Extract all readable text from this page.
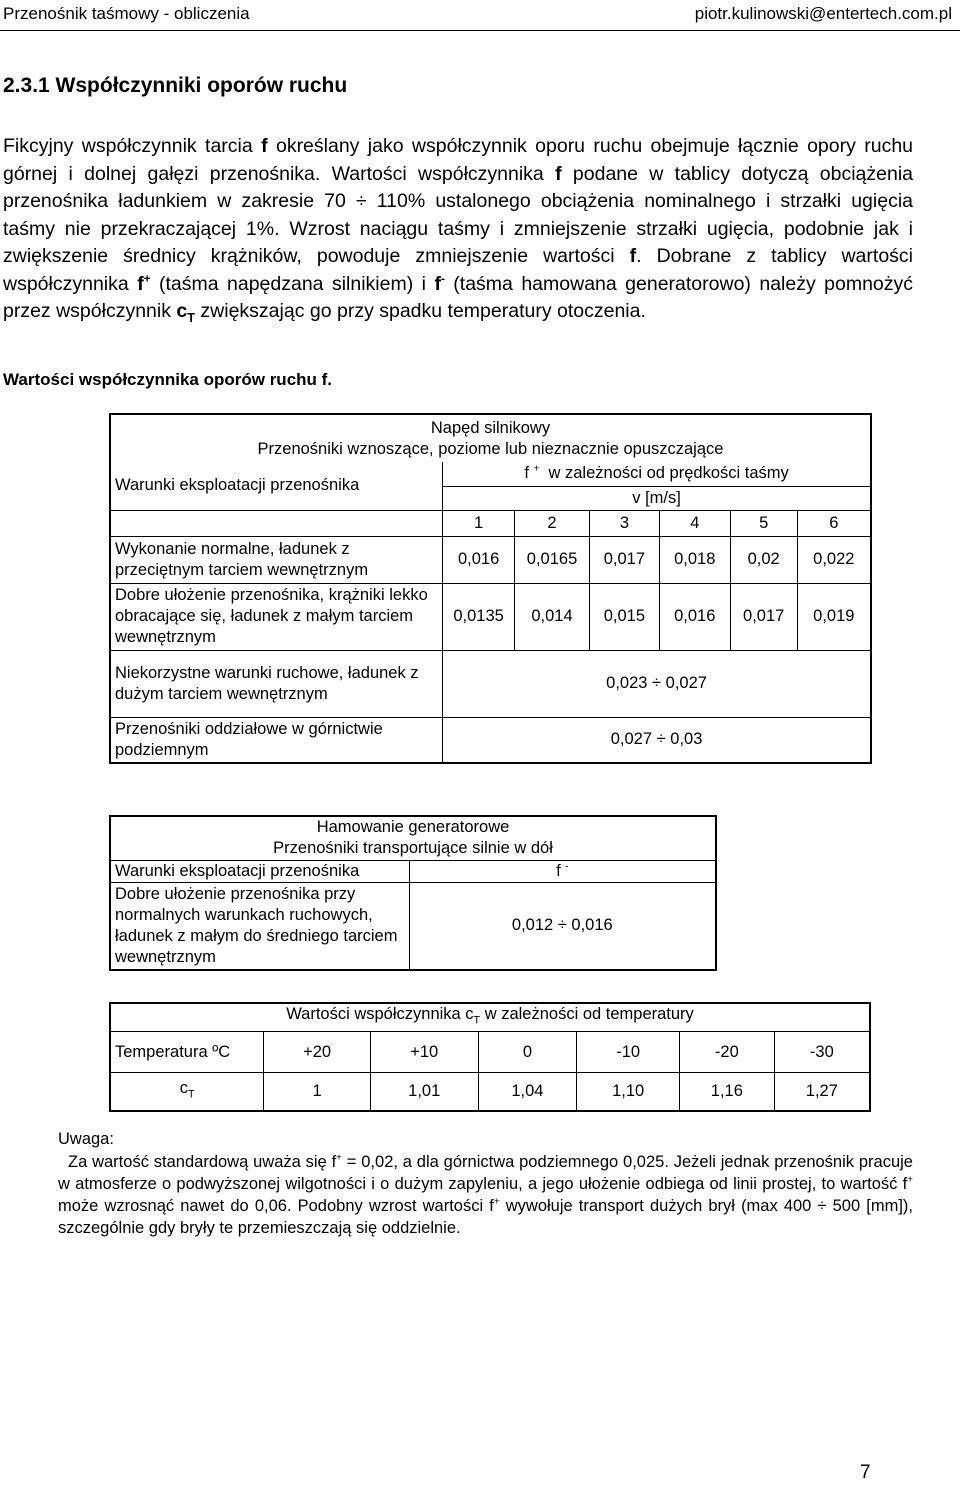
Przenośnik taśmowy - obliczenia	piotr.kulinowski@entertech.com.pl
2.3.1 Współczynniki oporów ruchu

Fikcyjny współczynnik tarcia f określany jako współczynnik oporu ruchu obejmuje łącznie opory ruchu górnej i dolnej gałęzi przenośnika. Wartości współczynnika f podane w tablicy dotyczą obciążenia przenośnika ładunkiem w zakresie 70 ÷ 110% ustalonego obciążenia nominalnego i strzałki ugięcia taśmy nie przekraczającej 1%. Wzrost naciągu taśmy i zmniejszenie strzałki ugięcia, podobnie jak i zwiększenie średnicy krążników, powoduje zmniejszenie wartości f. Dobrane z tablicy wartości współczynnika f+ (taśma napędzana silnikiem) i f- (taśma hamowana generatorowo) należy pomnożyć przez współczynnik $c_T$ zwiększając go przy spadku temperatury otoczenia.

Wartości współczynnika oporów ruchu f.
Napęd silnikowy
Przenośniki wznoszące, poziome lub nieznacznie opuszczające						

Warunki eksploatacji przenośnika	f + w zależności od prędkości taśmy					
	v [m/s]					
	1	2	3	4	5	6
Wykonanie normalne, ładunek z przeciętnym tarciem wewnętrznym	0,016	0,0165	0,017	0,018	0,02	0,022
Dobre ułożenie przenośnika, krążniki lekko obracające się, ładunek z małym tarciem wewnętrznym	0,0135	0,014	0,015	0,016	0,017	0,019
Niekorzystne warunki ruchowe, ładunek z dużym tarciem wewnętrznym	0,023 ÷ 0,027					
Przenośniki oddziałowe w górnictwie podziemnym	0,027 ÷ 0,03					
Hamowanie generatorowe
Przenośniki transportujące silnie w dół	

Warunki eksploatacji przenośnika	f -
Dobre ułożenie przenośnika przy normalnych warunkach ruchowych, ładunek z małym do średniego tarciem wewnętrznym	0,012 ÷ 0,016
Wartości współczynnika $c_T$ w zależności od temperatury						
Temperatura ºC	+20	+10	0	-10	-20	-30
$c_T$	1	1,01	1,04	1,10	1,16	1,27
Uwaga:

Za wartość standardową uważa się f+ = 0,02, a dla górnictwa podziemnego 0,025. Jeżeli jednak przenośnik pracuje w atmosferze o podwyższonej wilgotności i o dużym zapyleniu, a jego ułożenie odbiega od linii prostej, to wartość f+ może wzrosnąć nawet do 0,06. Podobny wzrost wartości f+ wywołuje transport dużych brył (max 400 ÷ 500 [mm]), szczególnie gdy bryły te przemieszczają się oddzielnie.

7
